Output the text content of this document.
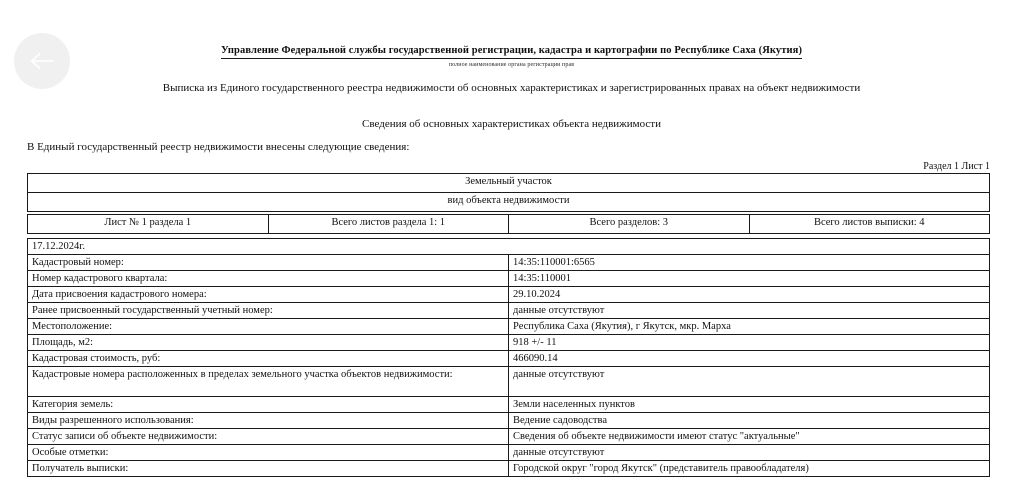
Управление Федеральной службы государственной регистрации, кадастра и картографии по Республике Саха (Якутия)
полное наименование органа регистрации прав
Выписка из Единого государственного реестра недвижимости об основных характеристиках и зарегистрированных правах на объект недвижимости
Сведения об основных характеристиках объекта недвижимости
В Единый государственный реестр недвижимости внесены следующие сведения:
Раздел 1 Лист 1
Земельный участок
вид объекта недвижимости
Лист № 1 раздела 1	Всего листов раздела 1: 1	Всего разделов: 3	Всего листов выписки: 4
17.12.2024г.	
Кадастровый номер:	14:35:110001:6565
Номер кадастрового квартала:	14:35:110001
Дата присвоения кадастрового номера:	29.10.2024
Ранее присвоенный государственный учетный номер:	данные отсутствуют
Местоположение:	Республика Саха (Якутия), г Якутск, мкр. Марха
Площадь, м2:	918 +/- 11
Кадастровая стоимость, руб:	466090.14
Кадастровые номера расположенных в пределах земельного участка объектов недвижимости:	данные отсутствуют
Категория земель:	Земли населенных пунктов
Виды разрешенного использования:	Ведение садоводства
Статус записи об объекте недвижимости:	Сведения об объекте недвижимости имеют статус "актуальные"
Особые отметки:	данные отсутствуют
Получатель выписки:	Городской округ "город Якутск" (представитель правообладателя)
